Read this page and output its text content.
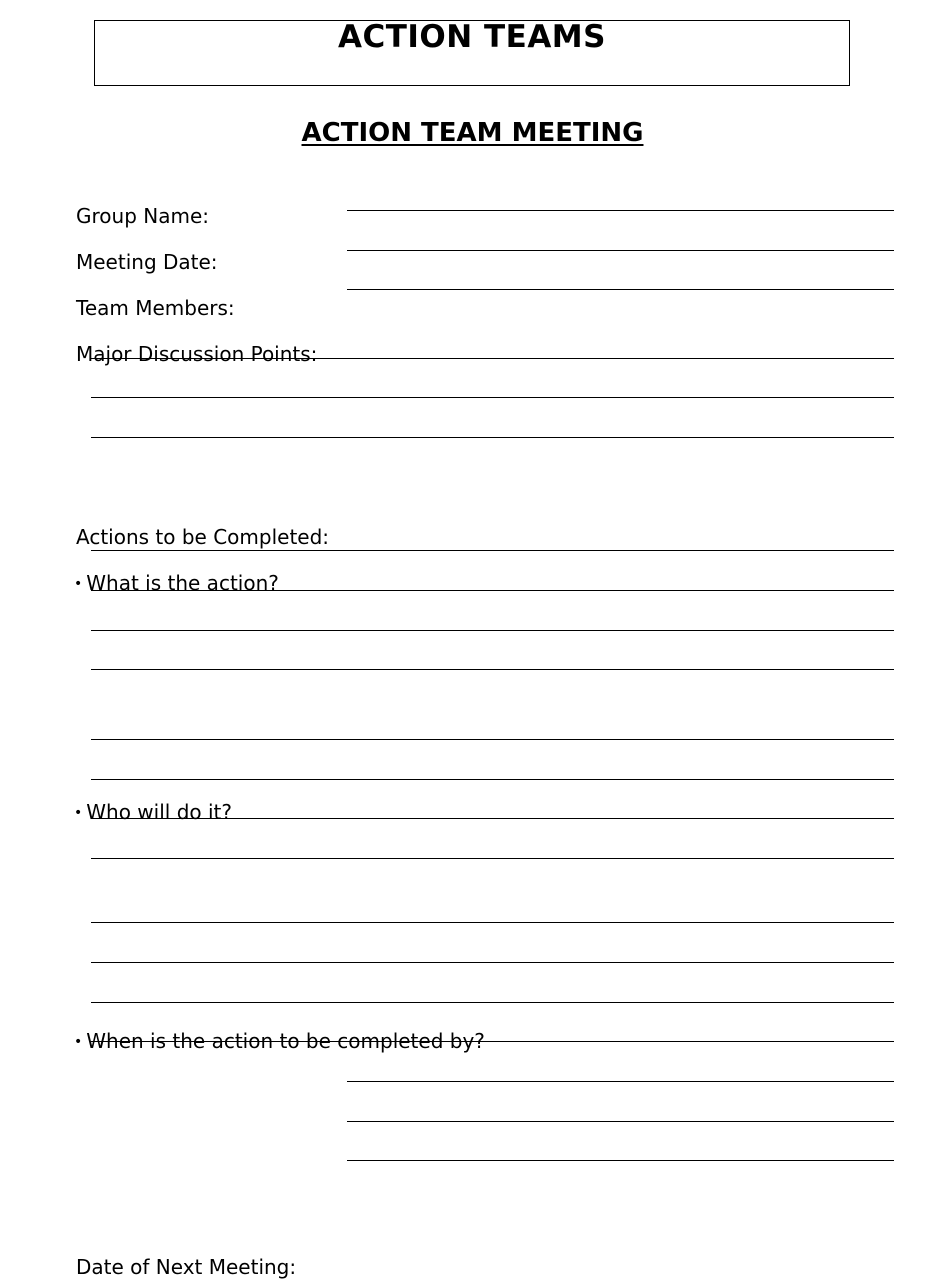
ACTION TEAMS
ACTION TEAM MEETING
Group Name:
Meeting Date:
Team Members:
Major Discussion Points:
Actions to be Completed:
• What is the action?
• Who will do it?
• When is the action to be completed by?
Date of Next Meeting:
